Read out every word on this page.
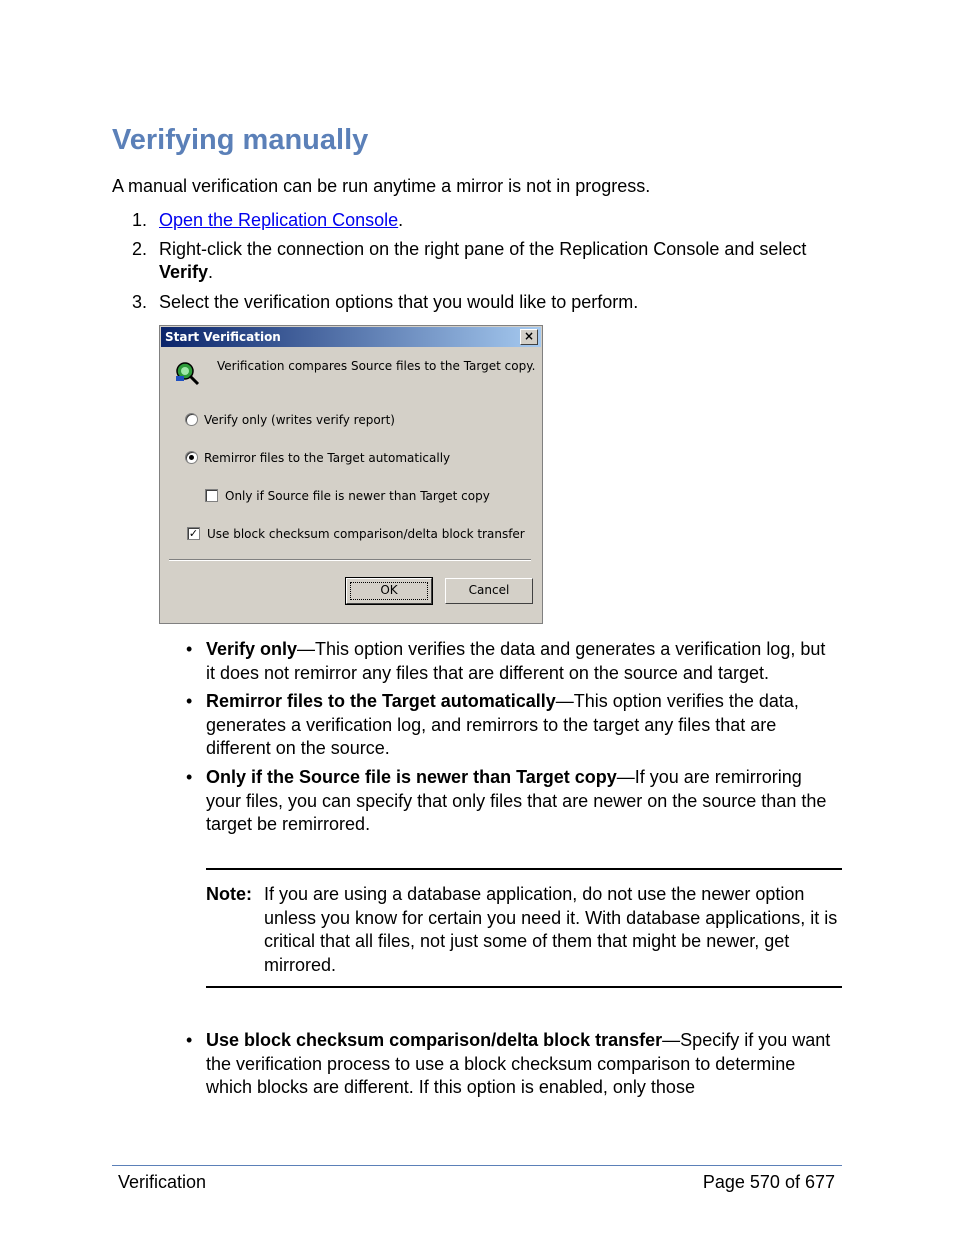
Verifying manually
A manual verification can be run anytime a mirror is not in progress.
1. Open the Replication Console.
2. Right-click the connection on the right pane of the Replication Console and select Verify.
3. Select the verification options that you would like to perform.
Start Verification	×
Verification compares Source files to the Target copy.
Verify only (writes verify report)
Remirror files to the Target automatically
Only if Source file is newer than Target copy
✓ Use block checksum comparison/delta block transfer
OK	Cancel
• Verify only—This option verifies the data and generates a verification log, but it does not remirror any files that are different on the source and target.
• Remirror files to the Target automatically—This option verifies the data, generates a verification log, and remirrors to the target any files that are different on the source.
• Only if the Source file is newer than Target copy—If you are remirroring your files, you can specify that only files that are newer on the source than the target be remirrored.
Note: If you are using a database application, do not use the newer option unless you know for certain you need it. With database applications, it is critical that all files, not just some of them that might be newer, get mirrored.
• Use block checksum comparison/delta block transfer—Specify if you want the verification process to use a block checksum comparison to determine which blocks are different. If this option is enabled, only those
Verification	Page 570 of 677
